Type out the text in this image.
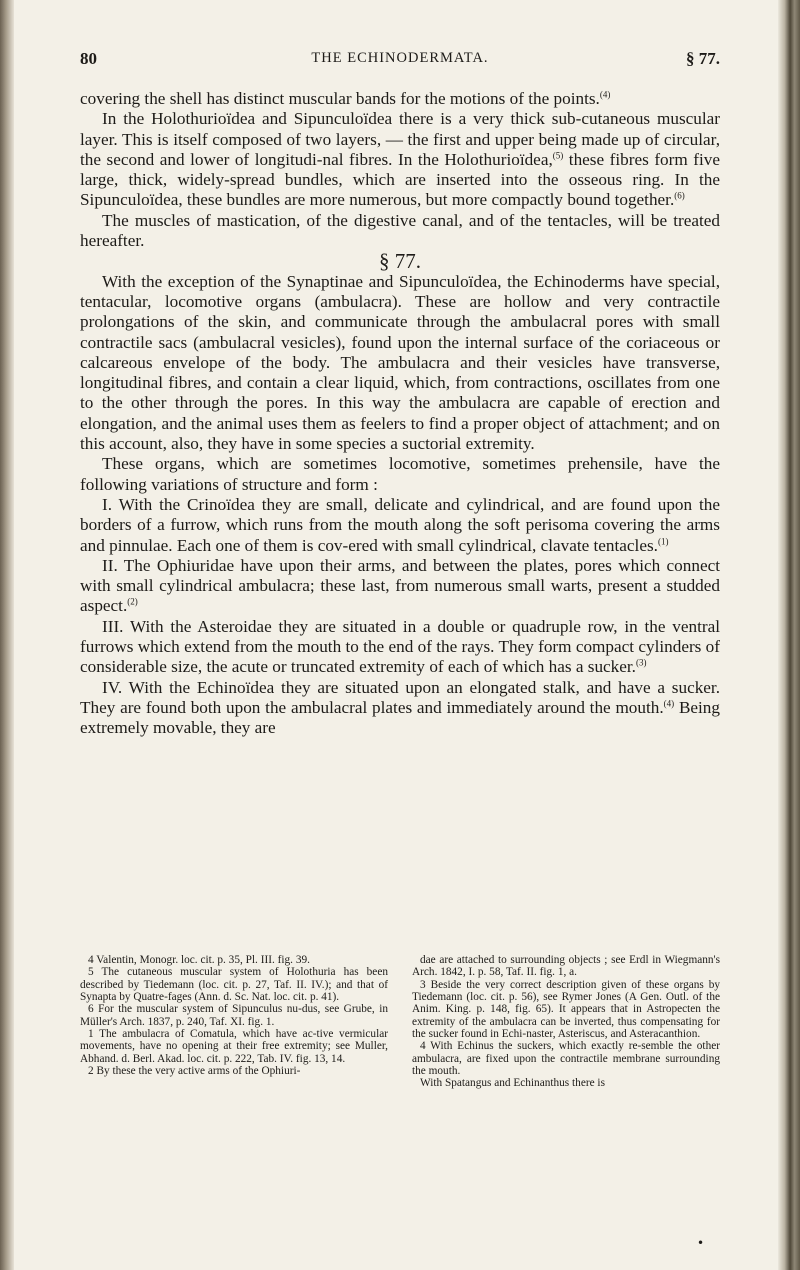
80	THE ECHINODERMATA.	§ 77.

covering the shell has distinct muscular bands for the motions of the points.$^{(4)}$

In the Holothurioïdea and Sipunculoïdea there is a very thick sub-cutaneous muscular layer. This is itself composed of two layers, — the first and upper being made up of circular, the second and lower of longitudi-nal fibres. In the Holothurioïdea,$^{(5)}$ these fibres form five large, thick, widely-spread bundles, which are inserted into the osseous ring. In the Sipunculoïdea, these bundles are more numerous, but more compactly bound together.$^{(6)}$

The muscles of mastication, of the digestive canal, and of the tentacles, will be treated hereafter.

§ 77.

With the exception of the Synaptinae and Sipunculoïdea, the Echinoderms have special, tentacular, locomotive organs (ambulacra). These are hollow and very contractile prolongations of the skin, and communicate through the ambulacral pores with small contractile sacs (ambulacral vesicles), found upon the internal surface of the coriaceous or calcareous envelope of the body. The ambulacra and their vesicles have transverse, longitudinal fibres, and contain a clear liquid, which, from contractions, oscillates from one to the other through the pores. In this way the ambulacra are capable of erection and elongation, and the animal uses them as feelers to find a proper object of attachment; and on this account, also, they have in some species a suctorial extremity.

These organs, which are sometimes locomotive, sometimes prehensile, have the following variations of structure and form :

I. With the Crinoïdea they are small, delicate and cylindrical, and are found upon the borders of a furrow, which runs from the mouth along the soft perisoma covering the arms and pinnulae. Each one of them is cov-ered with small cylindrical, clavate tentacles.$^{(1)}$

II. The Ophiuridae have upon their arms, and between the plates, pores which connect with small cylindrical ambulacra; these last, from numerous small warts, present a studded aspect.$^{(2)}$

III. With the Asteroidae they are situated in a double or quadruple row, in the ventral furrows which extend from the mouth to the end of the rays. They form compact cylinders of considerable size, the acute or truncated extremity of each of which has a sucker.$^{(3)}$

IV. With the Echinoïdea they are situated upon an elongated stalk, and have a sucker. They are found both upon the ambulacral plates and immediately around the mouth.$^{(4)}$ Being extremely movable, they are

4 Valentin, Monogr. loc. cit. p. 35, Pl. III. fig. 39.

5 The cutaneous muscular system of Holothuria has been described by Tiedemann (loc. cit. p. 27, Taf. II. IV.); and that of Synapta by Quatre-fages (Ann. d. Sc. Nat. loc. cit. p. 41).

6 For the muscular system of Sipunculus nu-dus, see Grube, in Müller's Arch. 1837, p. 240, Taf. XI. fig. 1.

1 The ambulacra of Comatula, which have ac-tive vermicular movements, have no opening at their free extremity; see Muller, Abhand. d. Berl. Akad. loc. cit. p. 222, Tab. IV. fig. 13, 14.

2 By these the very active arms of the Ophiuri-

dae are attached to surrounding objects ; see Erdl in Wiegmann's Arch. 1842, I. p. 58, Taf. II. fig. 1, a.

3 Beside the very correct description given of these organs by Tiedemann (loc. cit. p. 56), see Rymer Jones (A Gen. Outl. of the Anim. King. p. 148, fig. 65). It appears that in Astropecten the extremity of the ambulacra can be inverted, thus compensating for the sucker found in Echi-naster, Asteriscus, and Asteracanthion.

4 With Echinus the suckers, which exactly re-semble the other ambulacra, are fixed upon the contractile membrane surrounding the mouth.

With Spatangus and Echinanthus there is

•
